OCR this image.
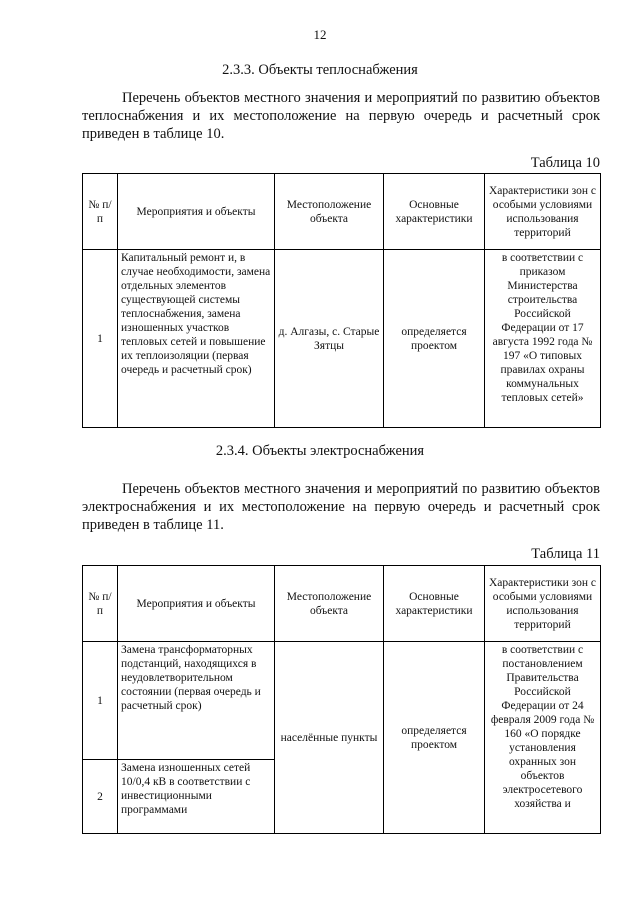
12
2.3.3. Объекты теплоснабжения
Перечень объектов местного значения и мероприятий по развитию объектов теплоснабжения и их местоположение на первую очередь и расчетный срок приведен в таблице 10.
Таблица 10
№ п/п	Мероприятия и объекты	Местоположение объекта	Основные характеристики	Характеристики зон с особыми условиями использования территорий
1	Капитальный ремонт и, в случае необходимости, замена отдельных элементов существующей системы теплоснабжения, замена изношенных участков тепловых сетей и повышение их теплоизоляции (первая очередь и расчетный срок)	д. Алгазы, с. Старые Зятцы	определяется проектом	в соответствии с приказом Министерства строительства Российской Федерации от 17 августа 1992 года № 197 «О типовых правилах охраны коммунальных тепловых сетей»
2.3.4. Объекты электроснабжения
Перечень объектов местного значения и мероприятий по развитию объектов электроснабжения и их местоположение на первую очередь и расчетный срок приведен в таблице 11.
Таблица 11
№ п/п	Мероприятия и объекты	Местоположение объекта	Основные характеристики	Характеристики зон с особыми условиями использования территорий
1	Замена трансформаторных подстанций, находящихся в неудовлетворительном состоянии (первая очередь и расчетный срок)	населённые пункты	определяется проектом	в соответствии с постановлением Правительства Российской Федерации от 24 февраля 2009 года № 160 «О порядке установления охранных зон объектов электросетевого хозяйства и
2	Замена изношенных сетей 10/0,4 кВ в соответствии с инвестиционными программами			
